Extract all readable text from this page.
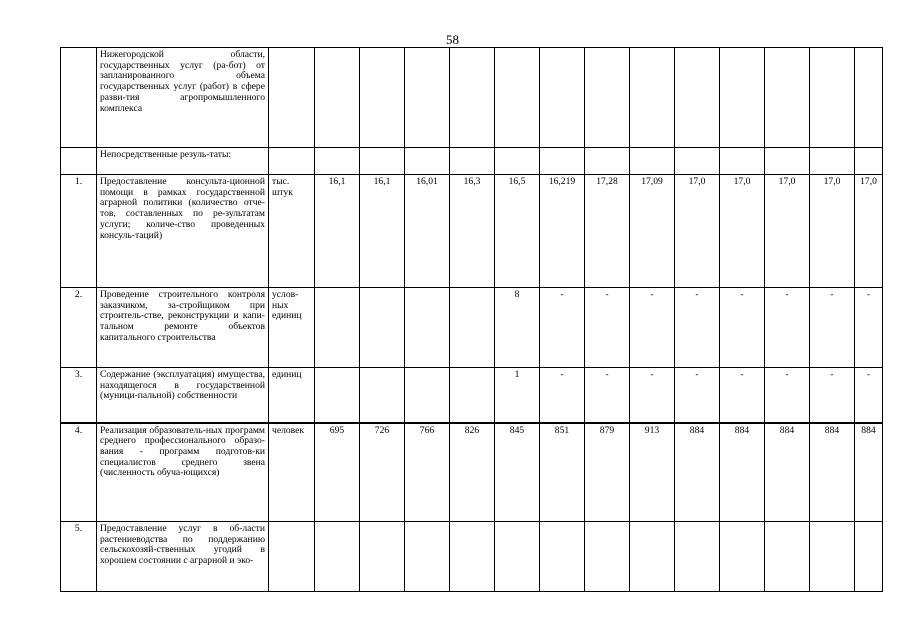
58
	Нижегородской области, государственных услуг (ра-бот) от запланированного объема государственных услуг (работ) в сфере разви-тия агропромышленного комплекса														
	Непосредственные резуль-таты:														
1.	Предоставление консульта-ционной помощи в рамках государственной аграрной политики (количество отче-тов, составленных по ре-зультатам услуги; количе-ство проведенных консуль-таций)	тыс. штук	16,1	16,1	16,01	16,3	16,5	16,219	17,28	17,09	17,0	17,0	17,0	17,0	17,0
2.	Проведение строительного контроля заказчиком, за-стройщиком при строитель-стве, реконструкции и капи-тальном ремонте объектов капитального строительства	услов-ных единиц					8	-	-	-	-	-	-	-	-
3.	Содержание (эксплуатация) имущества, находящегося в государственной (муници-пальной) собственности	единиц					1	-	-	-	-	-	-	-	-
4.	Реализация образователь-ных программ среднего профессионального образо-вания - программ подготов-ки специалистов среднего звена (численность обуча-ющихся)	человек	695	726	766	826	845	851	879	913	884	884	884	884	884
5.	Предоставление услуг в об-ласти растениеводства по поддержанию сельскохозяй-ственных угодий в хорошем состоянии с аграрной и эко-														
